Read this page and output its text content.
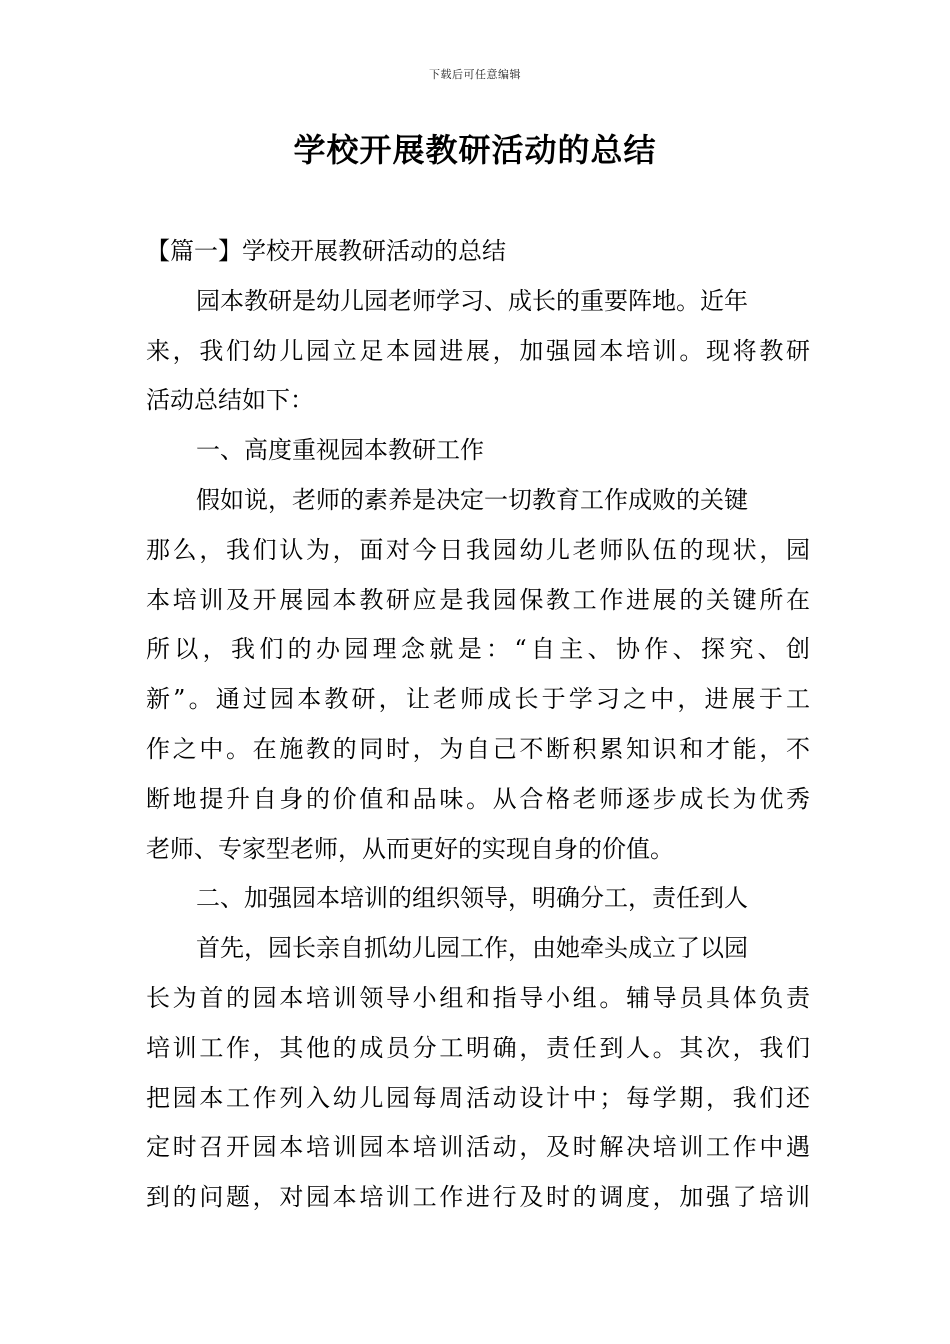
下载后可任意编辑
学校开展教研活动的总结
【篇一】学校开展教研活动的总结
园本教研是幼儿园老师学习、成长的重要阵地。近年
来，我们幼儿园立足本园进展，加强园本培训。现将教研
活动总结如下：
一、高度重视园本教研工作
假如说，老师的素养是决定一切教育工作成败的关键
那么，我们认为，面对今日我园幼儿老师队伍的现状，园
本培训及开展园本教研应是我园保教工作进展的关键所在
所以，我们的办园理念就是：“自主、协作、探究、创
新”。通过园本教研，让老师成长于学习之中，进展于工
作之中。在施教的同时，为自己不断积累知识和才能，不
断地提升自身的价值和品味。从合格老师逐步成长为优秀
老师、专家型老师，从而更好的实现自身的价值。
二、加强园本培训的组织领导，明确分工，责任到人
首先，园长亲自抓幼儿园工作，由她牵头成立了以园
长为首的园本培训领导小组和指导小组。辅导员具体负责
培训工作，其他的成员分工明确，责任到人。其次，我们
把园本工作列入幼儿园每周活动设计中；每学期，我们还
定时召开园本培训园本培训活动，及时解决培训工作中遇
到的问题，对园本培训工作进行及时的调度，加强了培训
